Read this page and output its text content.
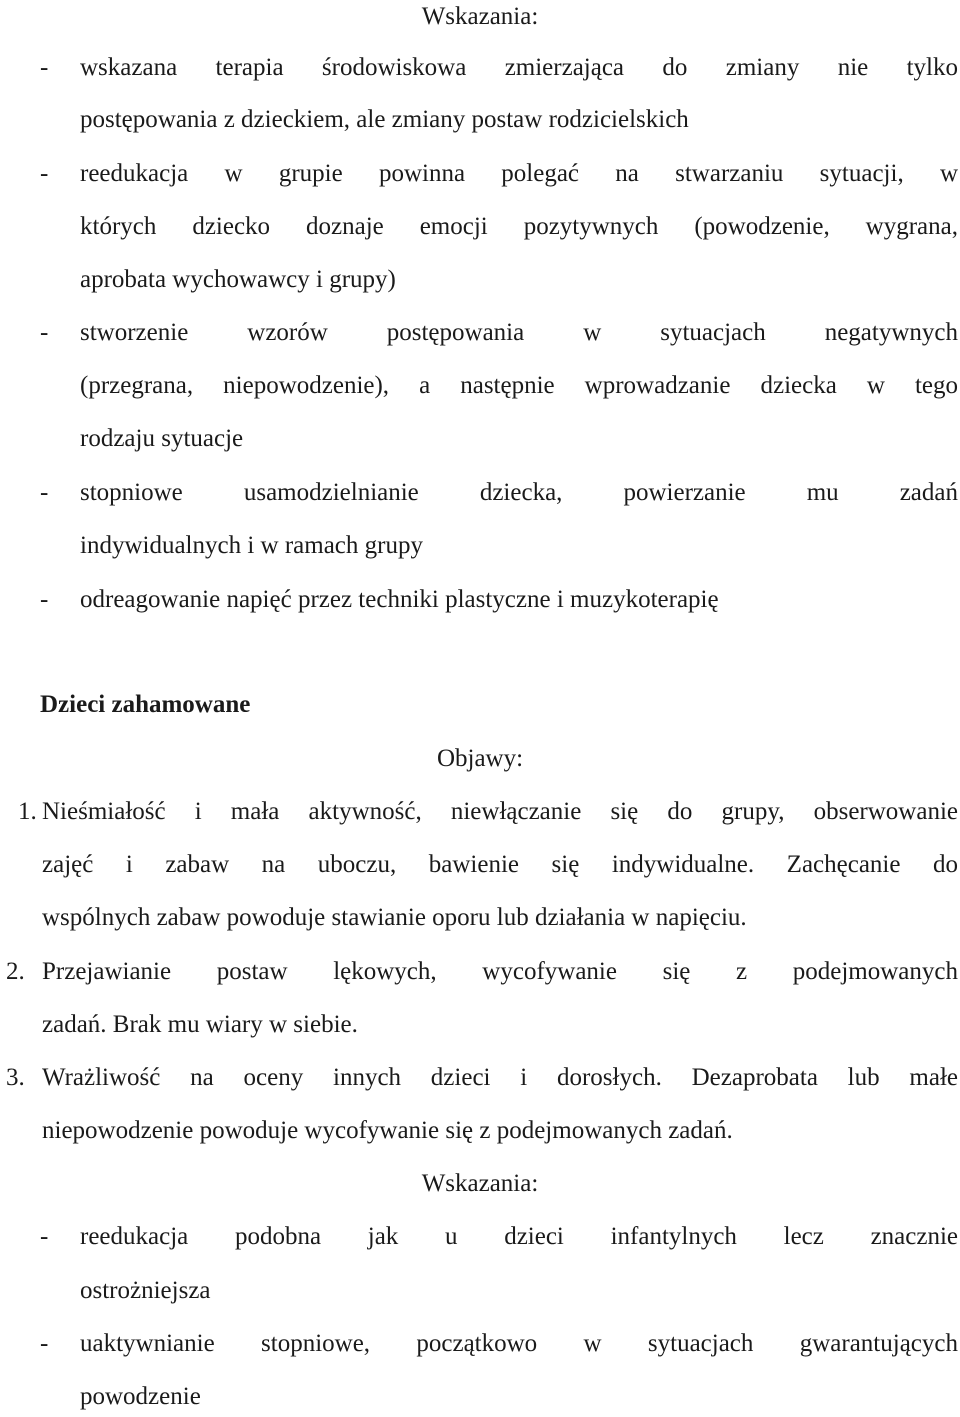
Wskazania:
- wskazana terapia środowiskowa zmierzająca do zmiany nie tylko
postępowania z dzieckiem, ale zmiany postaw rodzicielskich
- reedukacja w grupie powinna polegać na stwarzaniu sytuacji, w
których dziecko doznaje emocji pozytywnych (powodzenie, wygrana,
aprobata wychowawcy i grupy)
- stworzenie wzorów postępowania w sytuacjach negatywnych
(przegrana, niepowodzenie), a następnie wprowadzanie dziecka w tego
rodzaju sytuacje
- stopniowe usamodzielnianie dziecka, powierzanie mu zadań
indywidualnych i w ramach grupy
- odreagowanie napięć przez techniki plastyczne i muzykoterapię
Dzieci zahamowane
Objawy:
1. Nieśmiałość i mała aktywność, niewłączanie się do grupy, obserwowanie
zajęć i zabaw na uboczu, bawienie się indywidualne. Zachęcanie do
wspólnych zabaw powoduje stawianie oporu lub działania w napięciu.
2. Przejawianie postaw lękowych, wycofywanie się z podejmowanych
zadań. Brak mu wiary w siebie.
3. Wrażliwość na oceny innych dzieci i dorosłych. Dezaprobata lub małe
niepowodzenie powoduje wycofywanie się z podejmowanych zadań.
Wskazania:
- reedukacja podobna jak u dzieci infantylnych lecz znacznie
ostrożniejsza
- uaktywnianie stopniowe, początkowo w sytuacjach gwarantujących
powodzenie
